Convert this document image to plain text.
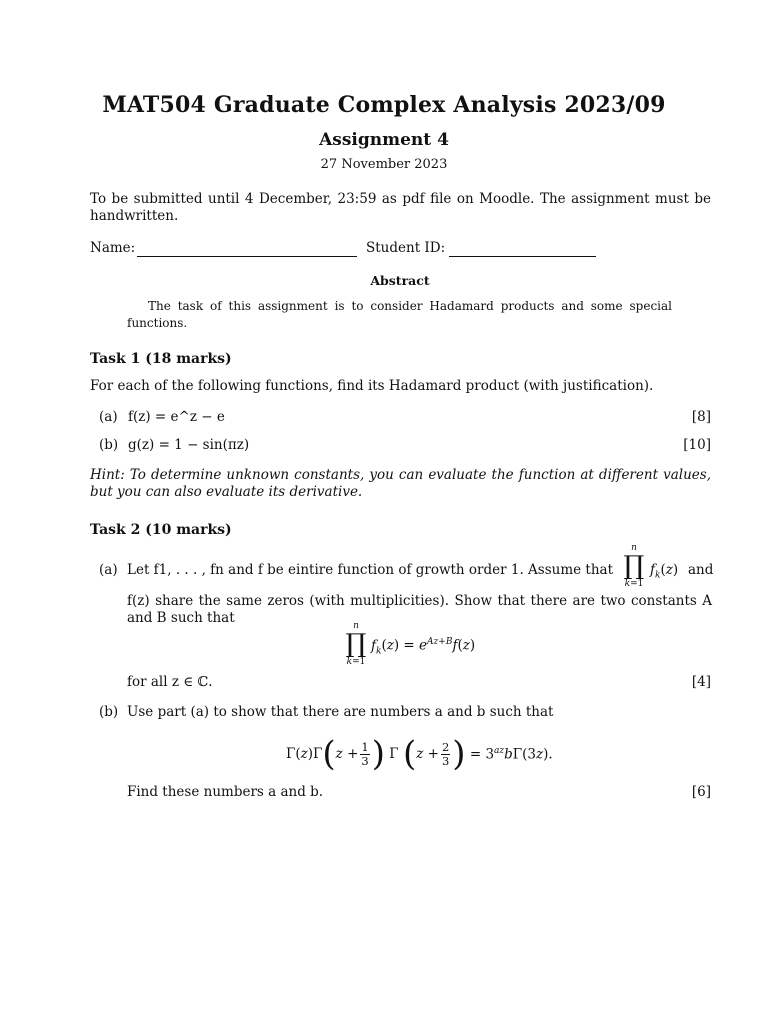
MAT504 Graduate Complex Analysis 2023/09
Assignment 4
27 November 2023
To be submitted until 4 December, 23:59 as pdf file on Moodle. The assignment must be handwritten.
Name:	Student ID:
Abstract
The task of this assignment is to consider Hadamard products and some special functions.
Task 1 (18 marks)
For each of the following functions, find its Hadamard product (with justification).
(a) f(z) = e^z − e	[8]
(b) g(z) = 1 − sin(πz)	[10]
Hint: To determine unknown constants, you can evaluate the function at different values, but you can also evaluate its derivative.
Task 2 (10 marks)
(a) Let f1, . . . , fn and f be eintire function of growth order 1. Assume that
n
∏
k=1
$f_k(z)$ and
f(z) share the same zeros (with multiplicities). Show that there are two constants A and B such that	n
∏
k=1
$f_k(z) = e^{Az+B}f(z)$
for all z ∈ ℂ.	[4]
(b) Use part (a) to show that there are numbers a and b such that
Γ(z)Γ ( $z + \frac{1}{3}$ ) Γ ( $z + \frac{2}{3}$ ) = $3^{az}b\Gamma(3z)$.
Find these numbers a and b.	[6]
